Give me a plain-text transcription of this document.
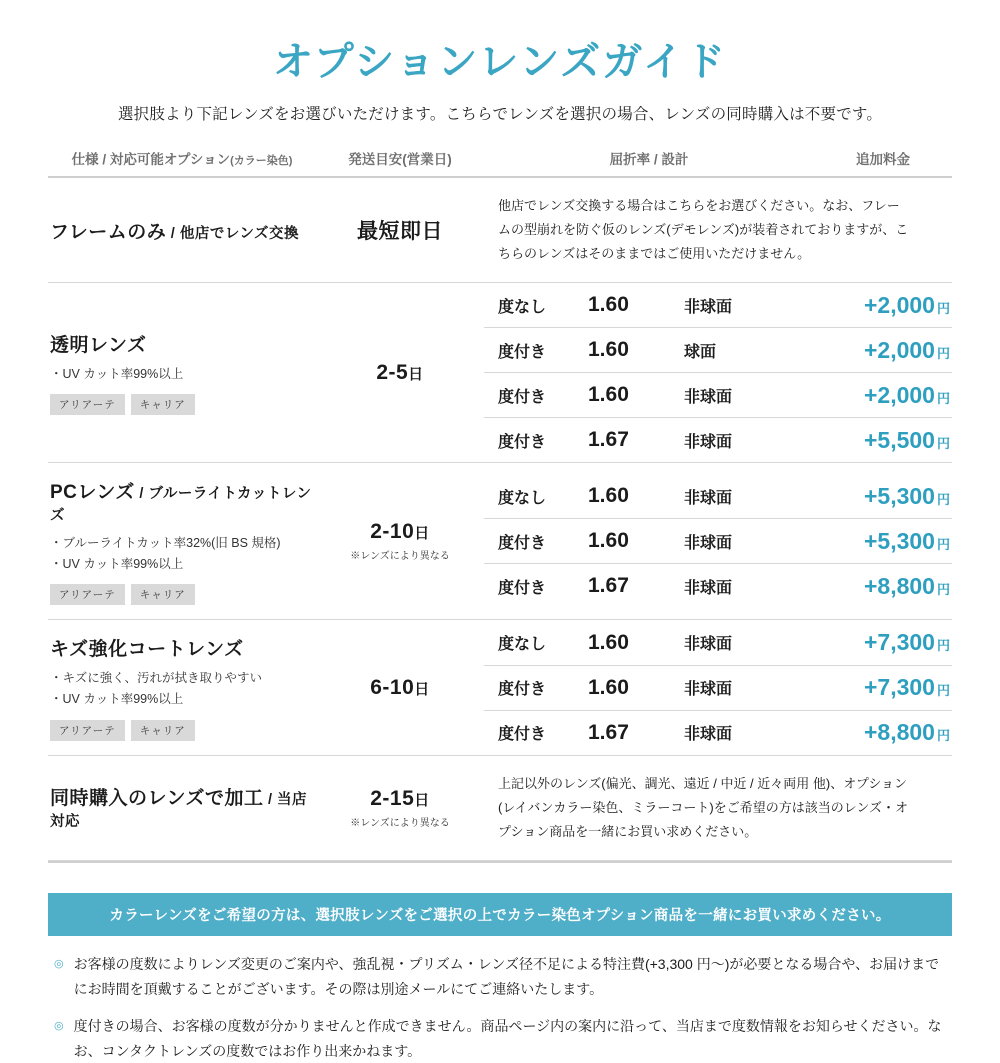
オプションレンズガイド
選択肢より下記レンズをお選びいただけます。こちらでレンズを選択の場合、レンズの同時購入は不要です。
仕様 / 対応可能オプション(カラー染色)	発送目安(営業日)	屈折率 / 設計	追加料金
フレームのみ / 他店でレンズ交換	最短即日
他店でレンズ交換する場合はこちらをお選びください。なお、フレームの型崩れを防ぐ仮のレンズ(デモレンズ)が装着されておりますが、こちらのレンズはそのままではご使用いただけません。
透明レンズ
・UV カット率99%以上
アリアーテ	キャリア
2-5日
度なし	1.60	非球面	+2,000 円
度付き	1.60	球面	+2,000 円
度付き	1.60	非球面	+2,000 円
度付き	1.67	非球面	+5,500 円
PCレンズ / ブルーライトカットレンズ
・ブルーライトカット率32%(旧 BS 規格)
・UV カット率99%以上
アリアーテ	キャリア
2-10日
※レンズにより異なる
度なし	1.60	非球面	+5,300 円
度付き	1.60	非球面	+5,300 円
度付き	1.67	非球面	+8,800 円
キズ強化コートレンズ
・キズに強く、汚れが拭き取りやすい
・UV カット率99%以上
アリアーテ	キャリア
6-10日
度なし	1.60	非球面	+7,300 円
度付き	1.60	非球面	+7,300 円
度付き	1.67	非球面	+8,800 円
同時購入のレンズで加工 / 当店対応
2-15日
※レンズにより異なる
上記以外のレンズ(偏光、調光、遠近 / 中近 / 近々両用 他)、オプション(レイバンカラー染色、ミラーコート)をご希望の方は該当のレンズ・オプション商品を一緒にお買い求めください。
カラーレンズをご希望の方は、選択肢レンズをご選択の上でカラー染色オプション商品を一緒にお買い求めください。
◎ お客様の度数によりレンズ変更のご案内や、強乱視・プリズム・レンズ径不足による特注費(+3,300 円〜)が必要となる場合や、お届けまでにお時間を頂戴することがございます。その際は別途メールにてご連絡いたします。
◎ 度付きの場合、お客様の度数が分かりませんと作成できません。商品ページ内の案内に沿って、当店まで度数情報をお知らせください。なお、コンタクトレンズの度数ではお作り出来かねます。
